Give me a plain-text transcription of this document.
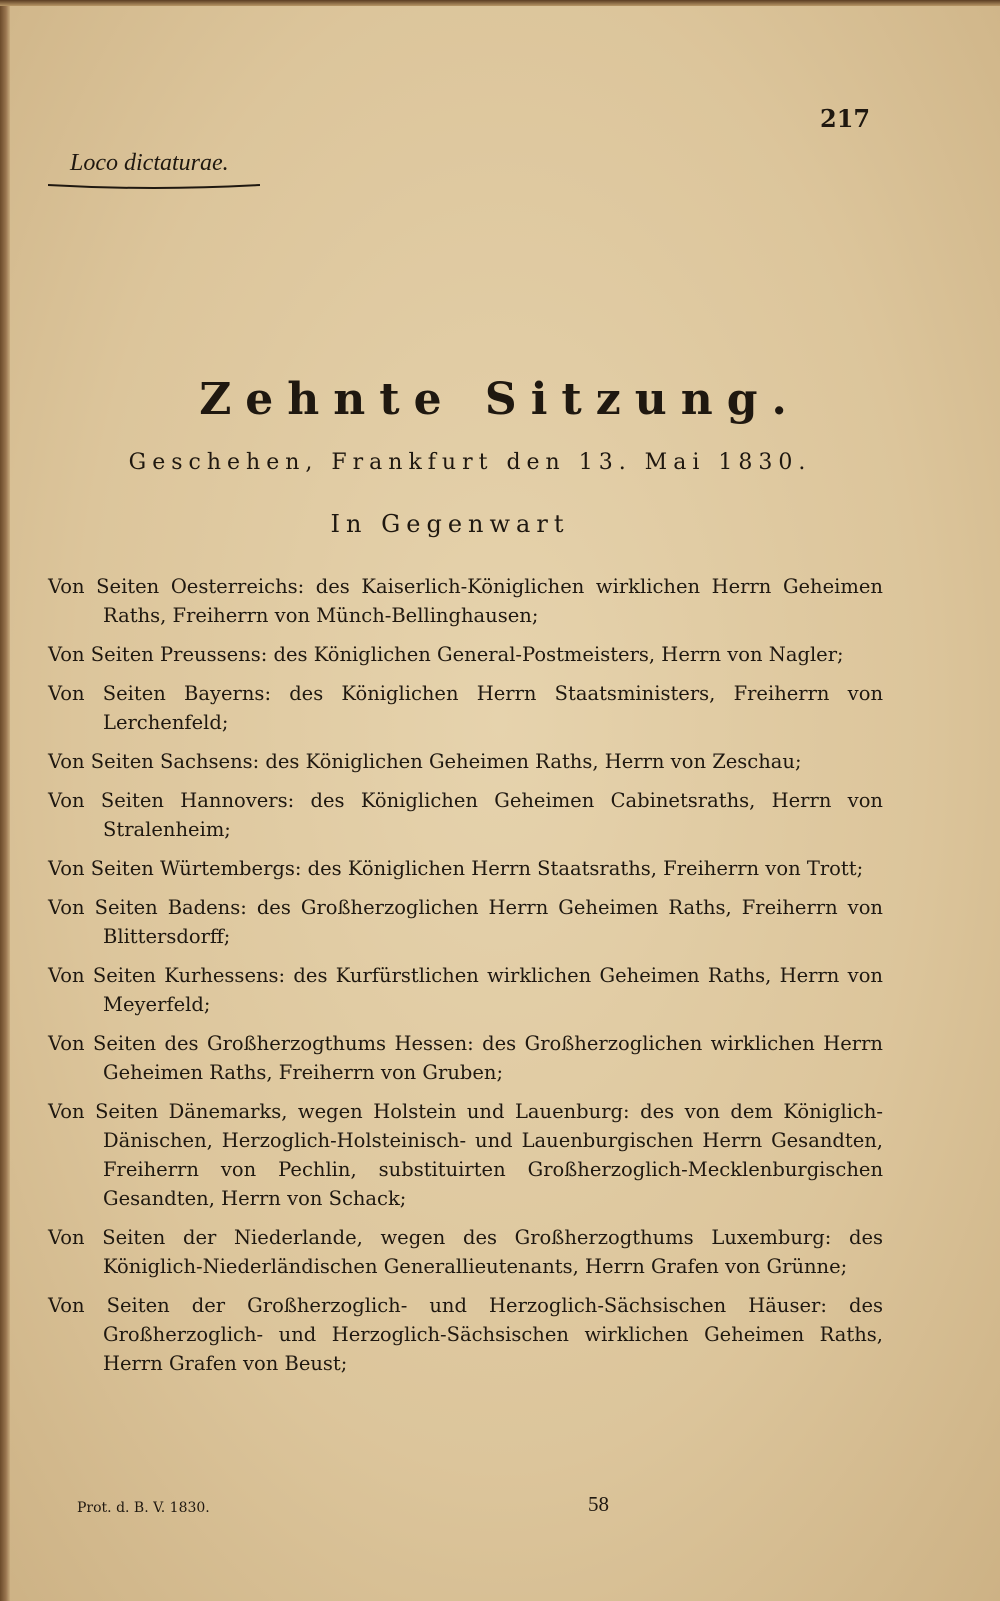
217
Loco dictaturae.
Zehnte Sitzung.
Geschehen, Frankfurt den 13. Mai 1830.
In Gegenwart

Von Seiten Oesterreichs: des Kaiserlich-Königlichen wirklichen Herrn Geheimen Raths, Freiherrn von Münch-Bellinghausen;

Von Seiten Preussens: des Königlichen General-Postmeisters, Herrn von Nagler;

Von Seiten Bayerns: des Königlichen Herrn Staatsministers, Freiherrn von Lerchenfeld;

Von Seiten Sachsens: des Königlichen Geheimen Raths, Herrn von Zeschau;

Von Seiten Hannovers: des Königlichen Geheimen Cabinetsraths, Herrn von Stralenheim;

Von Seiten Würtembergs: des Königlichen Herrn Staatsraths, Freiherrn von Trott;

Von Seiten Badens: des Großherzoglichen Herrn Geheimen Raths, Freiherrn von Blittersdorff;

Von Seiten Kurhessens: des Kurfürstlichen wirklichen Geheimen Raths, Herrn von Meyerfeld;

Von Seiten des Großherzogthums Hessen: des Großherzoglichen wirklichen Herrn Geheimen Raths, Freiherrn von Gruben;

Von Seiten Dänemarks, wegen Holstein und Lauenburg: des von dem Königlich-Dänischen, Herzoglich-Holsteinisch- und Lauenburgischen Herrn Gesandten, Freiherrn von Pechlin, substituirten Großherzoglich-Mecklenburgischen Gesandten, Herrn von Schack;

Von Seiten der Niederlande, wegen des Großherzogthums Luxemburg: des Königlich-Niederländischen Generallieutenants, Herrn Grafen von Grünne;

Von Seiten der Großherzoglich- und Herzoglich-Sächsischen Häuser: des Großherzoglich- und Herzoglich-Sächsischen wirklichen Geheimen Raths, Herrn Grafen von Beust;

Prot. d. B. V. 1830.	58
